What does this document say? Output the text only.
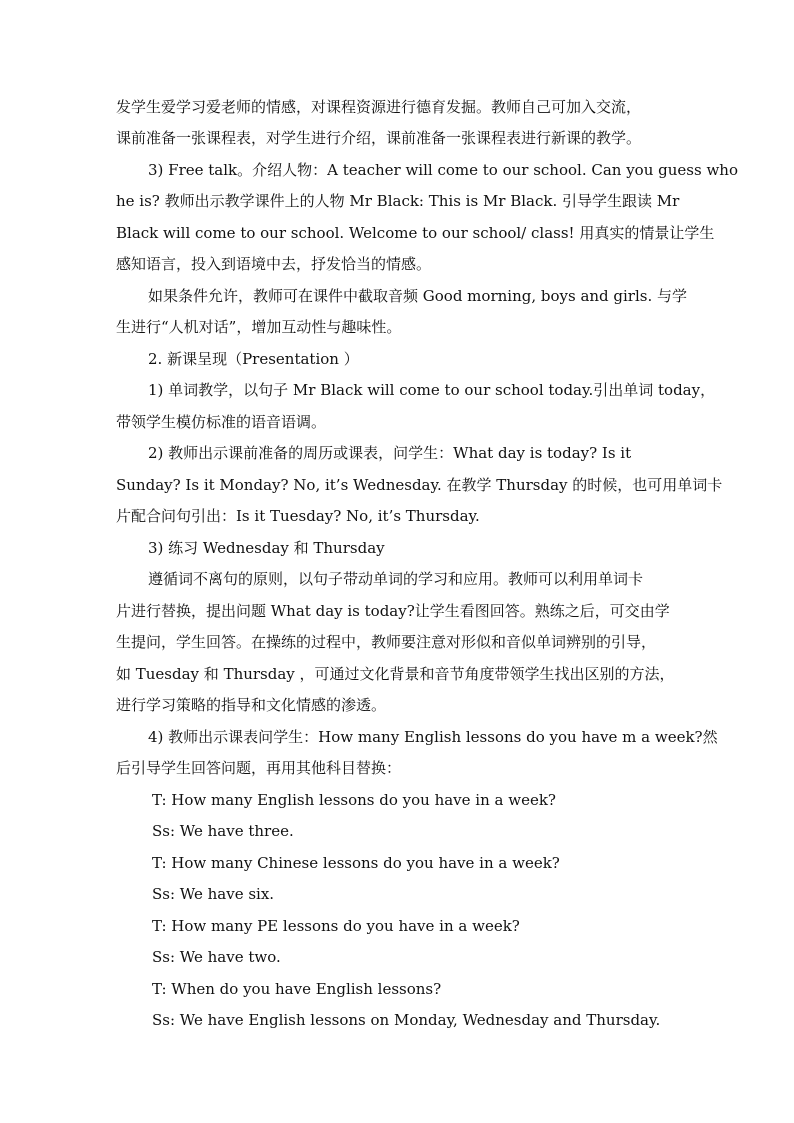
发学生爱学习爱老师的情感，对课程资源进行德育发掘。教师自己可加入交流，
课前准备一张课程表，对学生进行介绍，课前准备一张课程表进行新课的教学。
3) Free talk。介绍人物：A teacher will come to our school. Can you guess who
he is? 教师出示教学课件上的人物 Mr Black: This is Mr Black. 引导学生跟读 Mr
Black will come to our school. Welcome to our school/ class! 用真实的情景让学生
感知语言，投入到语境中去，抒发恰当的情感。
如果条件允许，教师可在课件中截取音频 Good morning, boys and girls. 与学
生进行“人机对话”，增加互动性与趣味性。
2. 新课呈现（Presentation ）
1) 单词教学，以句子 Mr Black will come to our school today.引出单词 today，
带领学生模仿标准的语音语调。
2) 教师出示课前准备的周历或课表，问学生：What day is today? Is it
Sunday? Is it Monday? No, it’s Wednesday. 在教学 Thursday 的时候，也可用单词卡
片配合问句引出：Is it Tuesday? No, it’s Thursday.
3) 练习 Wednesday 和 Thursday
遵循词不离句的原则，以句子带动单词的学习和应用。教师可以利用单词卡
片进行替换，提出问题 What day is today?让学生看图回答。熟练之后，可交由学
生提问，学生回答。在操练的过程中，教师要注意对形似和音似单词辨别的引导，
如 Tuesday 和 Thursday ，可通过文化背景和音节角度带领学生找出区别的方法，
进行学习策略的指导和文化情感的渗透。
4) 教师出示课表问学生：How many English lessons do you have m a week?然
后引导学生回答问题，再用其他科目替换：
T: How many English lessons do you have in a week?
Ss: We have three.
T: How many Chinese lessons do you have in a week?
Ss: We have six.
T: How many PE lessons do you have in a week?
Ss: We have two.
T: When do you have English lessons?
Ss: We have English lessons on Monday, Wednesday and Thursday.
